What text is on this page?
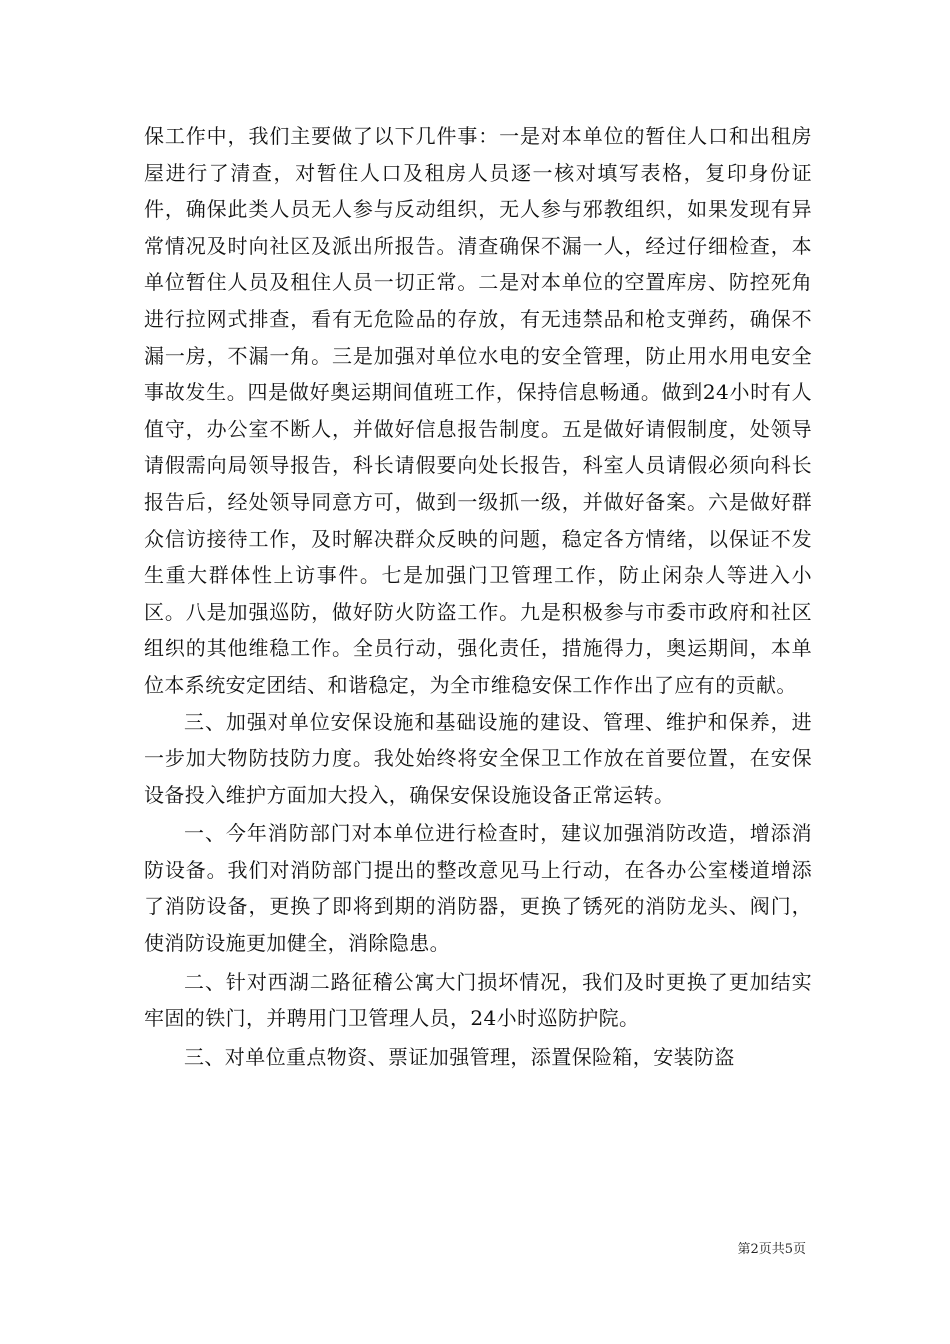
保工作中，我们主要做了以下几件事：一是对本单位的暂住人口和出租房屋进行了清查，对暂住人口及租房人员逐一核对填写表格，复印身份证件，确保此类人员无人参与反动组织，无人参与邪教组织，如果发现有异常情况及时向社区及派出所报告。清查确保不漏一人，经过仔细检查，本单位暂住人员及租住人员一切正常。二是对本单位的空置库房、防控死角进行拉网式排查，看有无危险品的存放，有无违禁品和枪支弹药，确保不漏一房，不漏一角。三是加强对单位水电的安全管理，防止用水用电安全事故发生。四是做好奥运期间值班工作，保持信息畅通。做到24小时有人值守，办公室不断人，并做好信息报告制度。五是做好请假制度，处领导请假需向局领导报告，科长请假要向处长报告，科室人员请假必须向科长报告后，经处领导同意方可，做到一级抓一级，并做好备案。六是做好群众信访接待工作，及时解决群众反映的问题，稳定各方情绪，以保证不发生重大群体性上访事件。七是加强门卫管理工作，防止闲杂人等进入小区。八是加强巡防，做好防火防盗工作。九是积极参与市委市政府和社区组织的其他维稳工作。全员行动，强化责任，措施得力，奥运期间，本单位本系统安定团结、和谐稳定，为全市维稳安保工作作出了应有的贡献。

三、加强对单位安保设施和基础设施的建设、管理、维护和保养，进一步加大物防技防力度。我处始终将安全保卫工作放在首要位置，在安保设备投入维护方面加大投入，确保安保设施设备正常运转。

一、今年消防部门对本单位进行检查时，建议加强消防改造，增添消防设备。我们对消防部门提出的整改意见马上行动，在各办公室楼道增添了消防设备，更换了即将到期的消防器，更换了锈死的消防龙头、阀门，使消防设施更加健全，消除隐患。

二、针对西湖二路征稽公寓大门损坏情况，我们及时更换了更加结实牢固的铁门，并聘用门卫管理人员，24小时巡防护院。

三、对单位重点物资、票证加强管理，添置保险箱，安装防盗

第2页共5页
